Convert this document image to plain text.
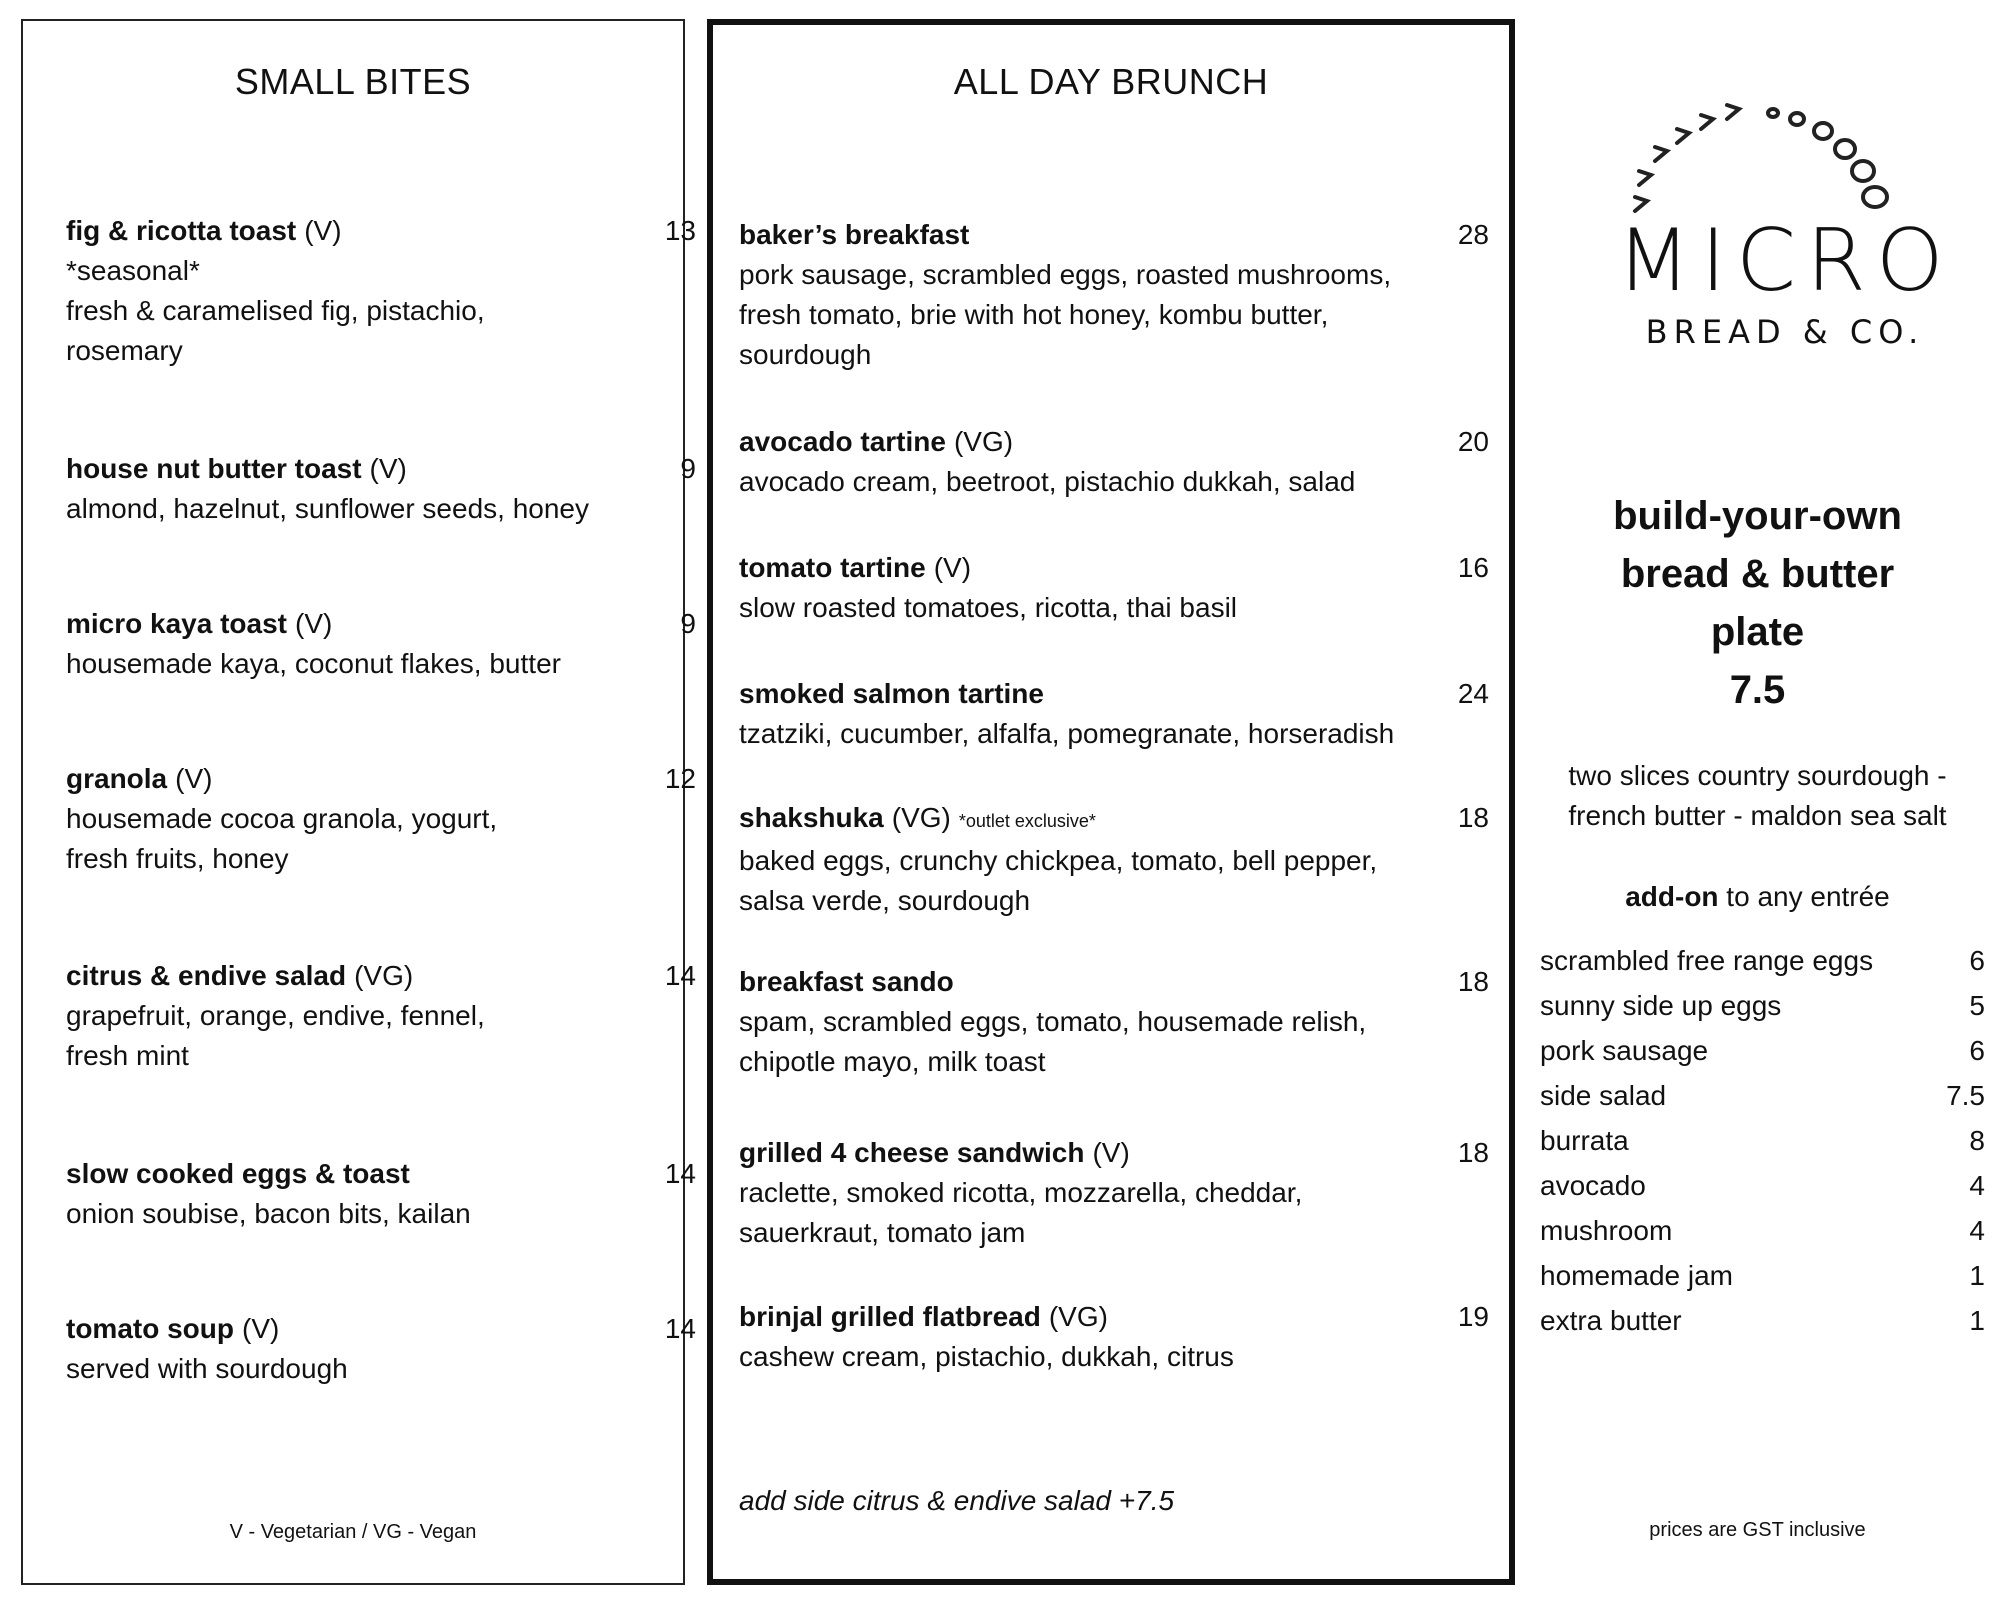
SMALL BITES
fig & ricotta toast (V)
*seasonal*
fresh & caramelised fig, pistachio,
rosemary
13
house nut butter toast (V)
almond, hazelnut, sunflower seeds, honey
9
micro kaya toast (V)
housemade kaya, coconut flakes, butter
9
granola (V)
housemade cocoa granola, yogurt,
fresh fruits, honey
12
citrus & endive salad (VG)
grapefruit, orange, endive, fennel,
fresh mint
14
slow cooked eggs & toast
onion soubise, bacon bits, kailan
14
tomato soup (V)
served with sourdough
14
V - Vegetarian / VG - Vegan
ALL DAY BRUNCH
baker’s breakfast
pork sausage, scrambled eggs, roasted mushrooms,
fresh tomato, brie with hot honey, kombu butter,
sourdough
28
avocado tartine (VG)
avocado cream, beetroot, pistachio dukkah, salad
20
tomato tartine (V)
slow roasted tomatoes, ricotta, thai basil
16
smoked salmon tartine
tzatziki, cucumber, alfalfa, pomegranate, horseradish
24
shakshuka (VG) *outlet exclusive*
baked eggs, crunchy chickpea, tomato, bell pepper,
salsa verde, sourdough
18
breakfast sando
spam, scrambled eggs, tomato, housemade relish,
chipotle mayo, milk toast
18
grilled 4 cheese sandwich (V)
raclette, smoked ricotta, mozzarella, cheddar,
sauerkraut, tomato jam
18
brinjal grilled flatbread (VG)
cashew cream, pistachio, dukkah, citrus
19
add side citrus & endive salad +7.5
MICRO
BREAD & CO.
build-your-own
bread & butter
plate
7.5
two slices country sourdough -
french butter - maldon sea salt
add-on to any entrée
scrambled free range eggs	6
sunny side up eggs	5
pork sausage	6
side salad	7.5
burrata	8
avocado	4
mushroom	4
homemade jam	1
extra butter	1
prices are GST inclusive
